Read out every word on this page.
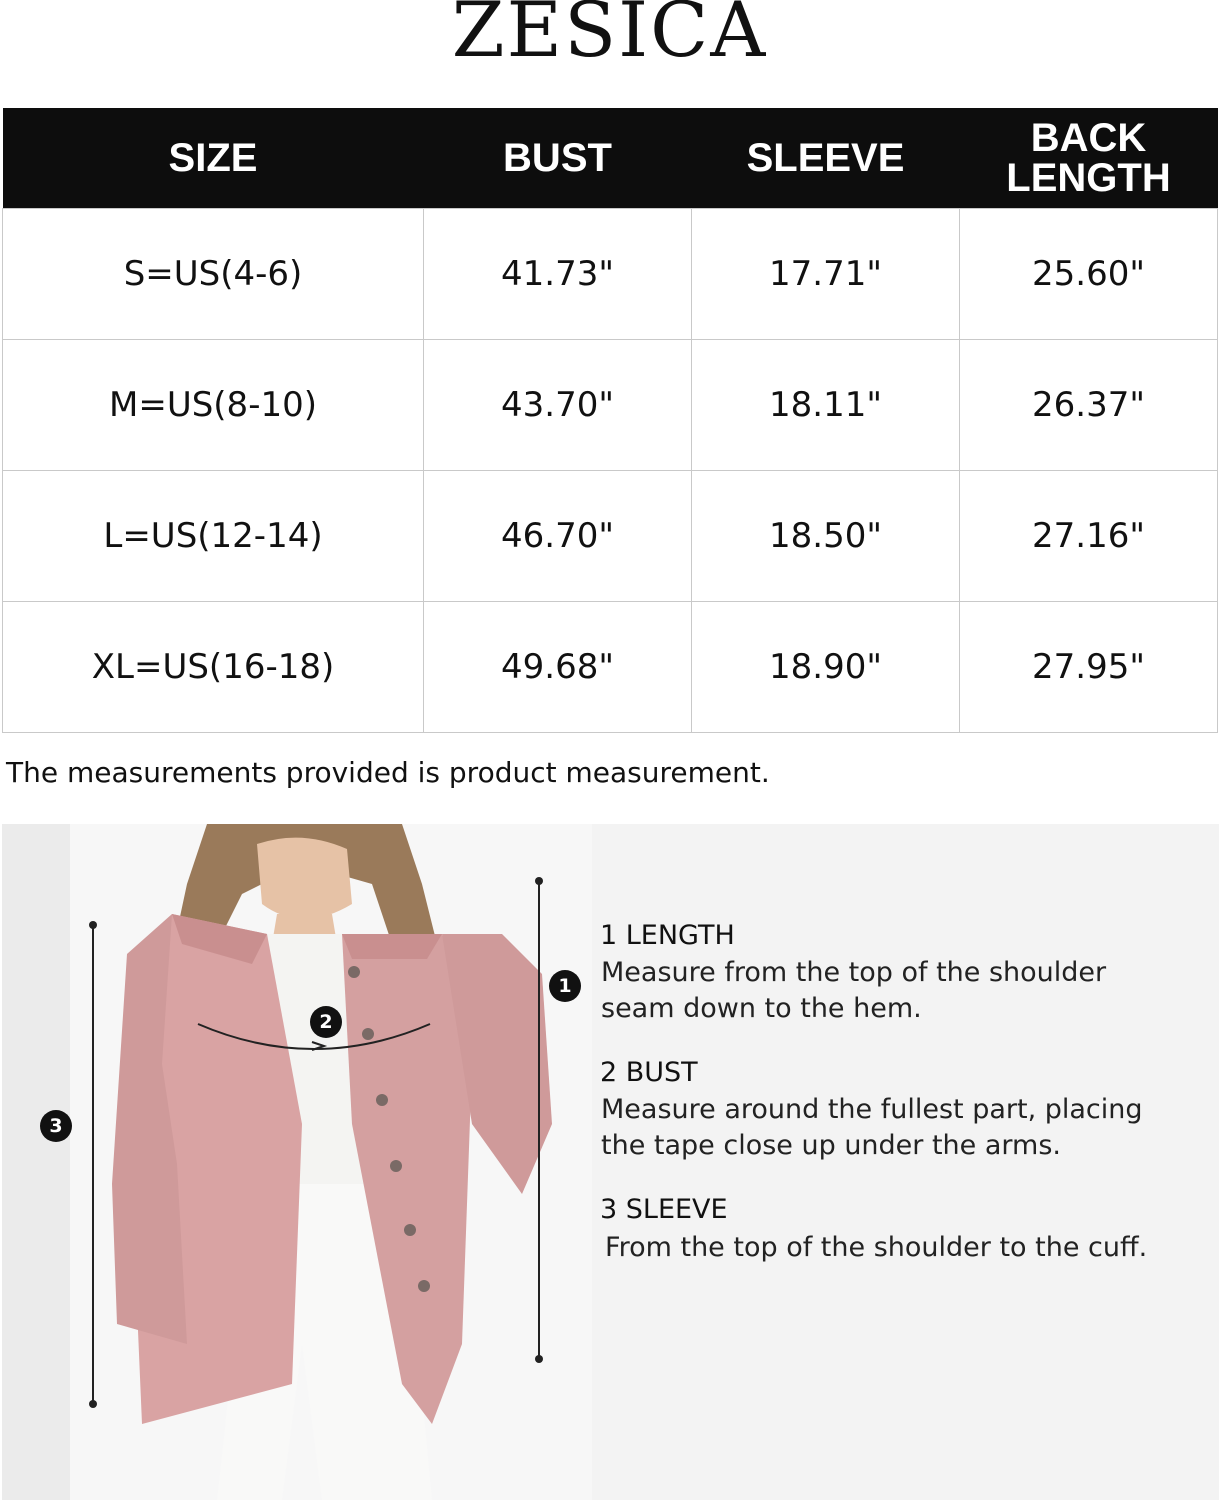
ZESICA
SIZE	BUST	SLEEVE	BACK LENGTH

S=US(4-6)	41.73"	17.71"	25.60"
M=US(8-10)	43.70"	18.11"	26.37"
L=US(12-14)	46.70"	18.50"	27.16"
XL=US(16-18)	49.68"	18.90"	27.95"
The measurements provided is product measurement.
1
2
3
1 LENGTH
Measure from the top of the shoulder seam down to the hem.
2 BUST
Measure around the fullest part, placing the tape close up under the arms.
3 SLEEVE
From the top of the shoulder to the cuff.
